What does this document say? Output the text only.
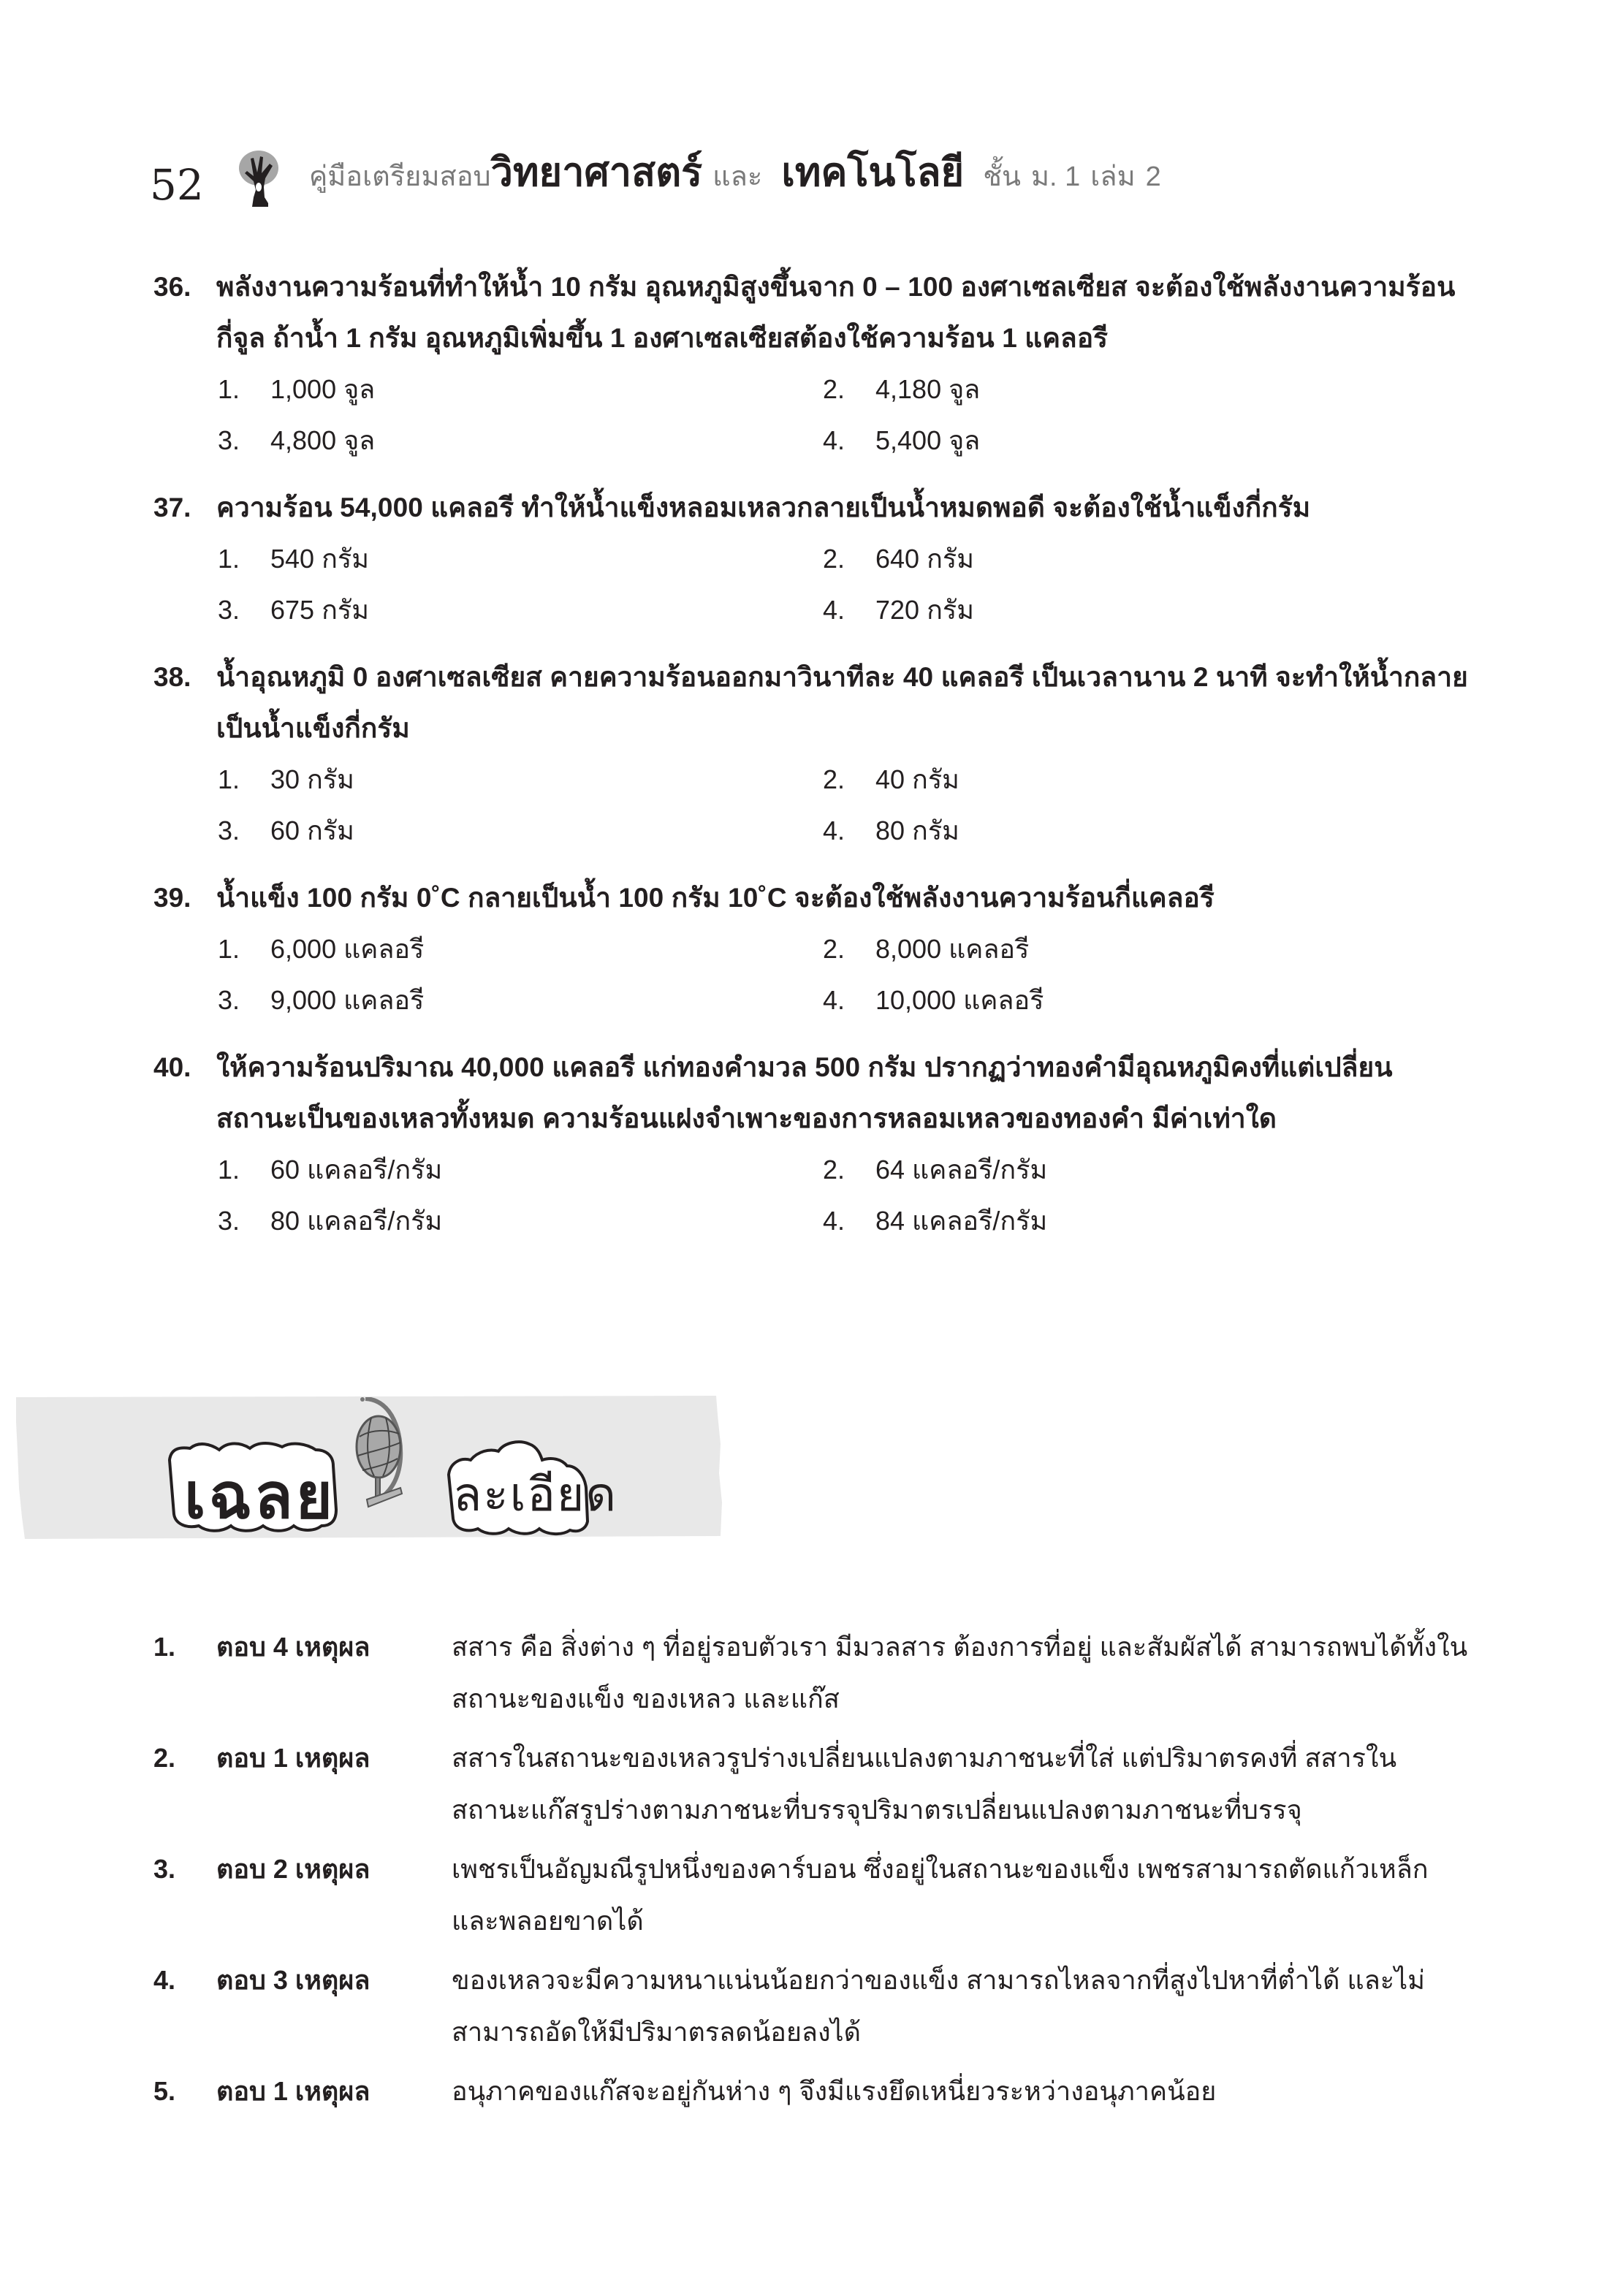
52	คู่มือเตรียมสอบ วิทยาศาสตร์ และ เทคโนโลยี ชั้น ม. 1 เล่ม 2
36. พลังงานความร้อนที่ทำให้น้ำ 10 กรัม อุณหภูมิสูงขึ้นจาก 0 – 100 องศาเซลเซียส จะต้องใช้พลังงานความร้อนกี่จูล ถ้าน้ำ 1 กรัม อุณหภูมิเพิ่มขึ้น 1 องศาเซลเซียสต้องใช้ความร้อน 1 แคลอรี
1.	1,000 จูล	2.	4,180 จูล
3.	4,800 จูล	4.	5,400 จูล
37. ความร้อน 54,000 แคลอรี ทำให้น้ำแข็งหลอมเหลวกลายเป็นน้ำหมดพอดี จะต้องใช้น้ำแข็งกี่กรัม
1.	540 กรัม	2.	640 กรัม
3.	675 กรัม	4.	720 กรัม
38. น้ำอุณหภูมิ 0 องศาเซลเซียส คายความร้อนออกมาวินาทีละ 40 แคลอรี เป็นเวลานาน 2 นาที จะทำให้น้ำกลายเป็นน้ำแข็งกี่กรัม
1.	30 กรัม	2.	40 กรัม
3.	60 กรัม	4.	80 กรัม
39. น้ำแข็ง 100 กรัม 0˚C กลายเป็นน้ำ 100 กรัม 10˚C จะต้องใช้พลังงานความร้อนกี่แคลอรี
1.	6,000 แคลอรี	2.	8,000 แคลอรี
3.	9,000 แคลอรี	4.	10,000 แคลอรี
40. ให้ความร้อนปริมาณ 40,000 แคลอรี แก่ทองคำมวล 500 กรัม ปรากฏว่าทองคำมีอุณหภูมิคงที่แต่เปลี่ยนสถานะเป็นของเหลวทั้งหมด ความร้อนแฝงจำเพาะของการหลอมเหลวของทองคำ มีค่าเท่าใด
1.	60 แคลอรี/กรัม	2.	64 แคลอรี/กรัม
3.	80 แคลอรี/กรัม	4.	84 แคลอรี/กรัม
เฉลย	ละเอียด
1.	ตอบ 4 เหตุผล	สสาร คือ สิ่งต่าง ๆ ที่อยู่รอบตัวเรา มีมวลสาร ต้องการที่อยู่ และสัมผัสได้ สามารถพบได้ทั้งในสถานะของแข็ง ของเหลว และแก๊ส
2.	ตอบ 1 เหตุผล	สสารในสถานะของเหลวรูปร่างเปลี่ยนแปลงตามภาชนะที่ใส่ แต่ปริมาตรคงที่ สสารในสถานะแก๊สรูปร่างตามภาชนะที่บรรจุปริมาตรเปลี่ยนแปลงตามภาชนะที่บรรจุ
3.	ตอบ 2 เหตุผล	เพชรเป็นอัญมณีรูปหนึ่งของคาร์บอน ซึ่งอยู่ในสถานะของแข็ง เพชรสามารถตัดแก้วเหล็ก และพลอยขาดได้
4.	ตอบ 3 เหตุผล	ของเหลวจะมีความหนาแน่นน้อยกว่าของแข็ง สามารถไหลจากที่สูงไปหาที่ต่ำได้ และไม่สามารถอัดให้มีปริมาตรลดน้อยลงได้
5.	ตอบ 1 เหตุผล	อนุภาคของแก๊สจะอยู่กันห่าง ๆ จึงมีแรงยึดเหนี่ยวระหว่างอนุภาคน้อย
